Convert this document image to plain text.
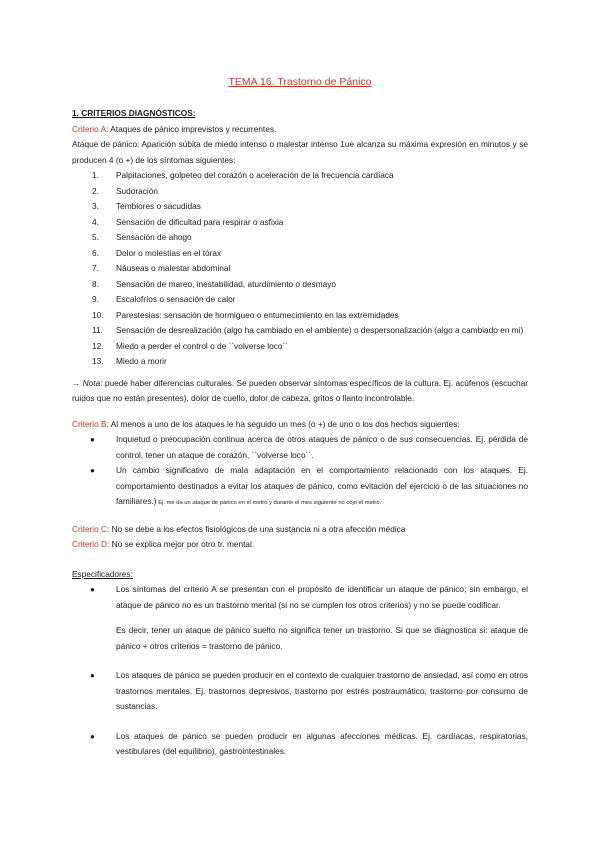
TEMA 16. Trastorno de Pánico

1. CRITERIOS DIAGNÓSTICOS:

Criterio A: Ataques de pánico imprevistos y recurrentes.

Ataque de pánico: Aparición súbita de miedo intenso o malestar intenso 1ue alcanza su máxima expresión en minutos y se producen 4 (o +) de los síntomas siguientes:

1.	Palpitaciones, golpeteo del corazón o aceleración de la frecuencia cardíaca
2.	Sudoración
3.	Temblores o sacudidas
4.	Sensación de dificultad para respirar o asfixia
5.	Sensación de ahogo
6.	Dolor o molestias en el tórax
7.	Náuseas o malestar abdominal
8.	Sensación de mareo, inestabilidad, aturdimiento o desmayo
9.	Escalofríos o sensación de calor
10.	Parestesias: sensación de hormigueo o entumecimiento en las extremidades
11.	Sensación de desrealización (algo ha cambiado en el ambiente) o despersonalización (algo a cambiado en mi)
12.	Miedo a perder el control o de ``volverse loco´´
13.	Miedo a morir

→ Nota: puede haber diferencias culturales. Se pueden observar síntomas específicos de la cultura. Ej. acúfenos (escuchar ruidos que no están presentes), dolor de cuello, dolor de cabeza, gritos o llanto incontrolable.

Criterio B: Al menos a uno de los ataques le ha seguido un mes (o +) de uno o los dos hechos siguientes:

●	Inquietud o preocupación continua acerca de otros ataques de pánico o de sus consecuencias. Ej. pérdida de control, tener un ataque de corazón, ``volverse loco´´.
●	Un cambio significativo de mala adaptación en el comportamiento relacionado con los ataques. Ej. comportamiento destinados a evitar los ataques de pánico, como evitación del ejercicio o de las situaciones no familiares.) Ej. me da un ataque de pánico en el metro y durante el mes siguiente no cojo el metro.

Criterio C: No se debe a los efectos fisiológicos de una sustancia ni a otra afección médica

Criterio D: No se explica mejor por otro tr. mental.

Especificadores:

●	Los síntomas del criterio A se presentan con el propósito de identificar un ataque de pánico; sin embargo, el ataque de pánico no es un trastorno mental (si no se cumplen los otros criterios) y no se puede codificar.

Es decir, tener un ataque de pánico suelto no significa tener un trastorno. Si que se diagnostica si: ataque de pánico + otros criterios = trastorno de pánico.

●	Los ataques de pánico se pueden producir en el contexto de cualquier trastorno de ansiedad, así como en otros trastornos mentales. Ej. trastornos depresivos, trastorno por estrés postraumático, trastorno por consumo de sustancias.
●	Los ataques de pánico se pueden producir en algunas afecciones médicas. Ej. cardíacas, respiratorias, vestibulares (del equilibrio), gastrointestinales.
